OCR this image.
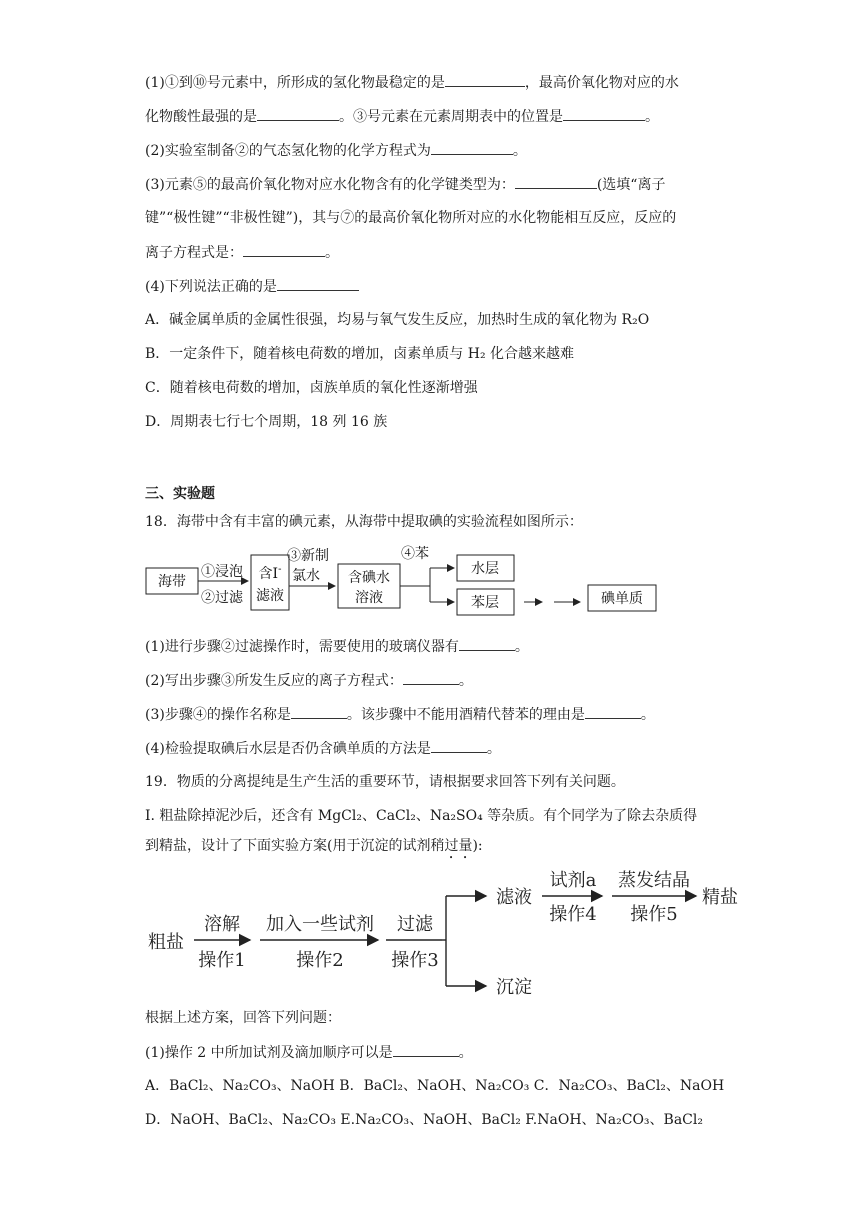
(1)①到⑩号元素中，所形成的氢化物最稳定的是	，最高价氧化物对应的水
化物酸性最强的是	。③号元素在元素周期表中的位置是	。
(2)实验室制备②的气态氢化物的化学方程式为	。
(3)元素⑤的最高价氧化物对应水化物含有的化学键类型为：	(选填“离子
键”“极性键”“非极性键”)，其与⑦的最高价氧化物所对应的水化物能相互反应，反应的
离子方程式是：	。
(4)下列说法正确的是
A．碱金属单质的金属性很强，均易与氧气发生反应，加热时生成的氧化物为 R₂O
B．一定条件下，随着核电荷数的增加，卤素单质与 H₂ 化合越来越难
C．随着核电荷数的增加，卤族单质的氧化性逐渐增强
D．周期表七行七个周期，18 列 16 族
三、实验题
18．海带中含有丰富的碘元素，从海带中提取碘的实验流程如图所示：
海带
①浸泡
②过滤
含I-
滤液
③新制
氯水 含碘水
溶液
④苯
水层
苯层	碘单质
(1)进行步骤②过滤操作时，需要使用的玻璃仪器有	。
(2)写出步骤③所发生反应的离子方程式：	。
(3)步骤④的操作名称是	。该步骤中不能用酒精代替苯的理由是	。
(4)检验提取碘后水层是否仍含碘单质的方法是	。
19．物质的分离提纯是生产生活的重要环节，请根据要求回答下列有关问题。
I. 粗盐除掉泥沙后，还含有 MgCl₂、CaCl₂、Na₂SO₄ 等杂质。有个同学为了除去杂质得
到精盐，设计了下面实验方案(用于沉淀的试剂稍过量):
粗盐
溶解
操作1
加入一些试剂
操作2
过滤
操作3
滤液
沉淀
试剂a
操作4
蒸发结晶
操作5
精盐
根据上述方案，回答下列问题：
(1)操作 2 中所加试剂及滴加顺序可以是	。
A．BaCl₂、Na₂CO₃、NaOH B．BaCl₂、NaOH、Na₂CO₃ C．Na₂CO₃、BaCl₂、NaOH
D．NaOH、BaCl₂、Na₂CO₃ E.Na₂CO₃、NaOH、BaCl₂ F.NaOH、Na₂CO₃、BaCl₂
